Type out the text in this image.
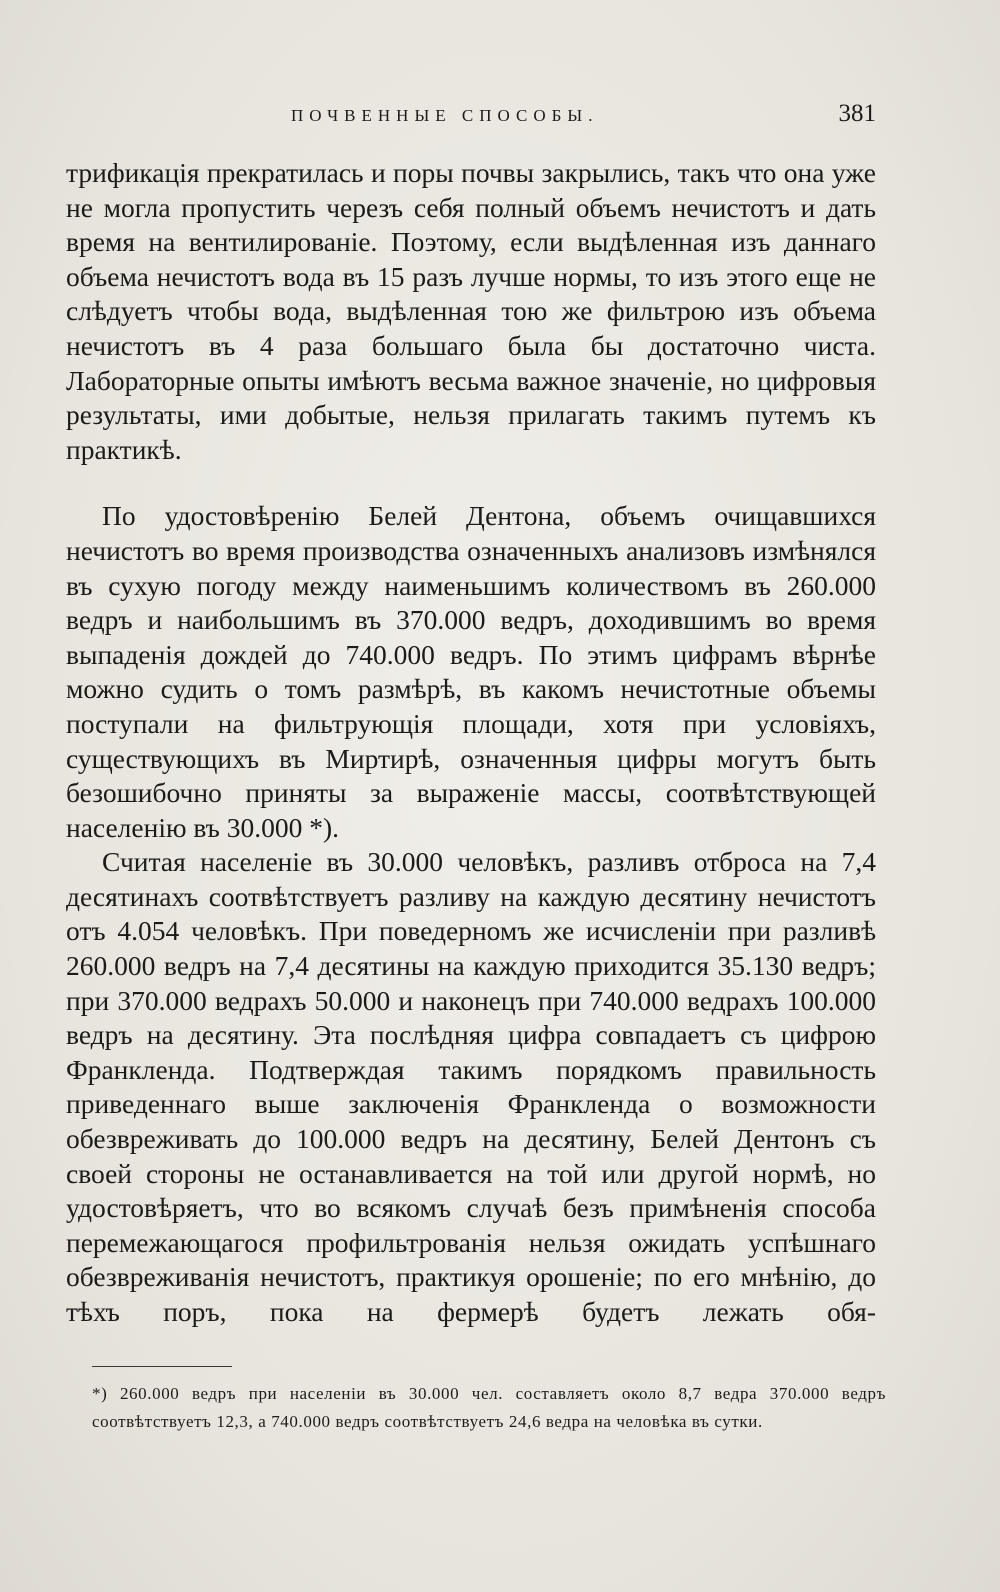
ПОЧВЕННЫЕ СПОСОБЫ.	381

трификація прекратилась и поры почвы закрылись, такъ что она уже не могла пропустить черезъ себя полный объемъ нечистотъ и дать время на вентилированіе. Поэтому, если выдѣленная изъ даннаго объема нечистотъ вода въ 15 разъ лучше нормы, то изъ этого еще не слѣдуетъ чтобы вода, выдѣленная тою же фильтрою изъ объема нечистотъ въ 4 раза большаго была бы достаточно чиста. Лабораторные опыты имѣютъ весьма важное значеніе, но цифровыя результаты, ими добытые, нельзя прилагать такимъ путемъ къ практикѣ.

По удостовѣренію Белей Дентона, объемъ очищавшихся нечистотъ во время производства означенныхъ анализовъ измѣнялся въ сухую погоду между наименьшимъ количествомъ въ 260.000 ведръ и наибольшимъ въ 370.000 ведръ, доходившимъ во время выпаденія дождей до 740.000 ведръ. По этимъ цифрамъ вѣрнѣе можно судить о томъ размѣрѣ, въ какомъ нечистотные объемы поступали на фильтрующія площади, хотя при условіяхъ, существующихъ въ Миртирѣ, означенныя цифры могутъ быть безошибочно приняты за выраженіе массы, соотвѣтствующей населенію въ 30.000 *).

Считая населеніе въ 30.000 человѣкъ, разливъ отброса на 7,4 десятинахъ соотвѣтствуетъ разливу на каждую десятину нечистотъ отъ 4.054 человѣкъ. При поведерномъ же исчисленіи при разливѣ 260.000 ведръ на 7,4 десятины на каждую приходится 35.130 ведръ; при 370.000 ведрахъ 50.000 и наконецъ при 740.000 ведрахъ 100.000 ведръ на десятину. Эта послѣдняя цифра совпадаетъ съ цифрою Франкленда. Подтверждая такимъ порядкомъ правильность приведеннаго выше заключенія Франкленда о возможности обезвреживать до 100.000 ведръ на десятину, Белей Дентонъ съ своей стороны не останавливается на той или другой нормѣ, но удостовѣряетъ, что во всякомъ случаѣ безъ примѣненія способа перемежающагося профильтрованія нельзя ожидать успѣшнаго обезвреживанія нечистотъ, практикуя орошеніе; по его мнѣнію, до тѣхъ поръ, пока на фермерѣ будетъ лежать обя-

*) 260.000 ведръ при населеніи въ 30.000 чел. составляетъ около 8,7 ведра 370.000 ведръ соотвѣтствуетъ 12,3, а 740.000 ведръ соотвѣтствуетъ 24,6 ведра на человѣка въ сутки.
